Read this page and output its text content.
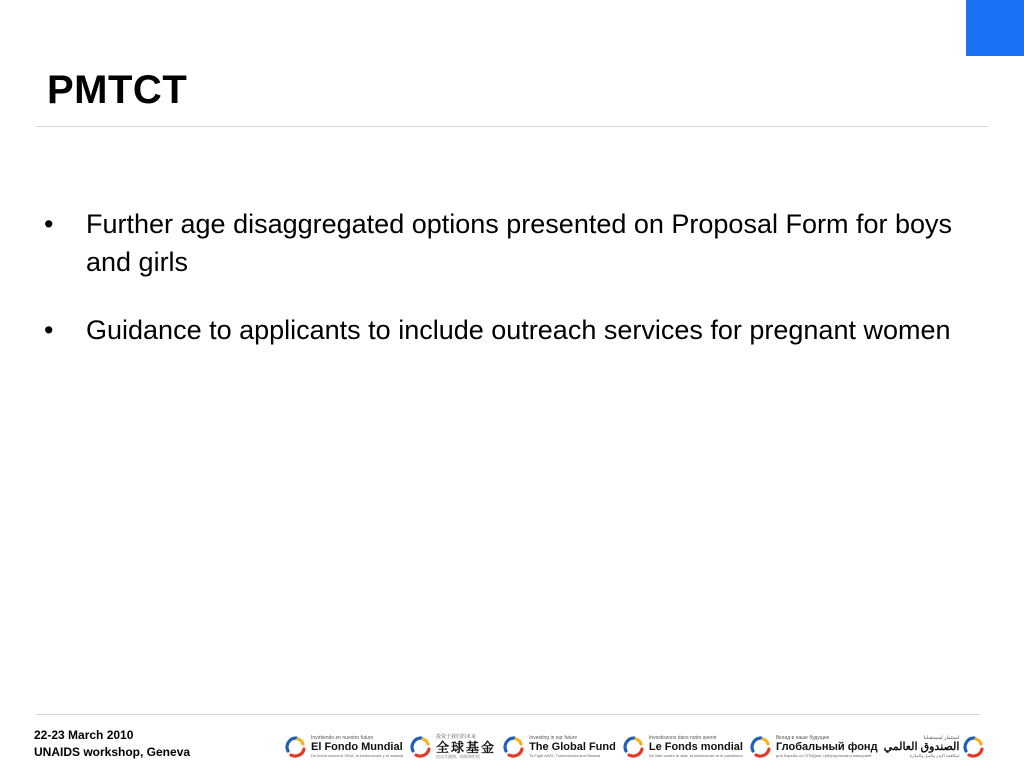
PMTCT
• Further age disaggregated options presented on Proposal Form for boys and girls
• Guidance to applicants to include outreach services for pregnant women
22-23 March 2010
UNAIDS workshop, Geneva
Invirtiendo en nuestro futuro
El Fondo Mundial
De lucha contra el SIDA, la tuberculosis y la malaria
投资于我们的未来
全球基金
抗击艾滋病、结核和疟疾
Investing in our future
The Global Fund
To Fight AIDS, Tuberculosis and Malaria
Investissons dans notre avenir
Le Fonds mondial
De lutte contre le sida, la tuberculose et le paludisme
Вклад в наше будущее
Глобальный фонд
для борьбы со СПИДом, туберкулезом и малярией
استثمار لمستقبلنا
الصندوق العالمي
لمكافحة الإيدز والسل والملاريا
